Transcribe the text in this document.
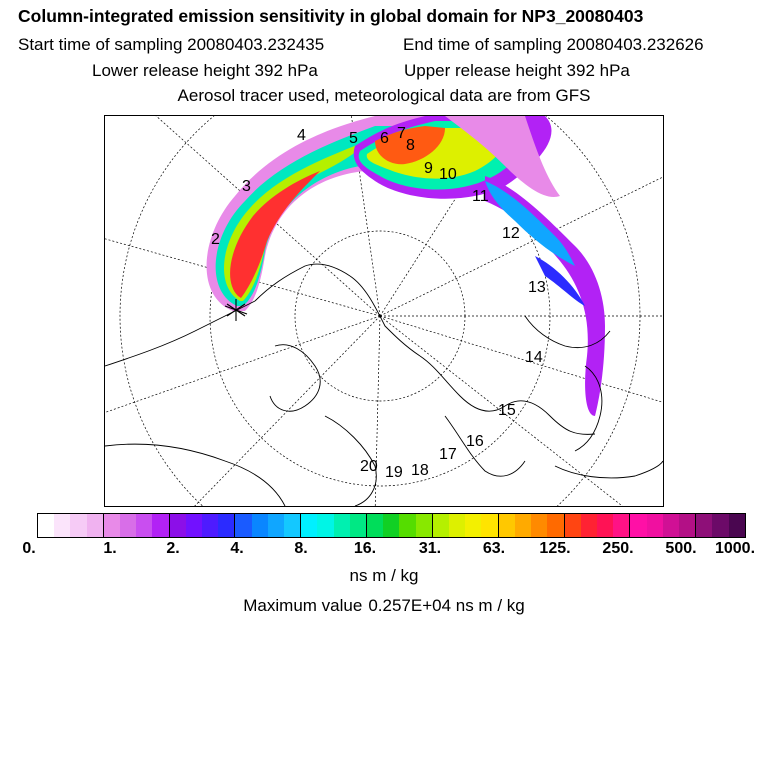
Column-integrated emission sensitivity in global domain for NP3_20080403
Start time of sampling 20080403.232435	End time of sampling 20080403.232626
Lower release height 392 hPa	Upper release height 392 hPa
Aerosol tracer used, meteorological data are from GFS
2
3
4	5 6 7
8
9 10
11
12
13
14
15
16
17
18
19
20
0.	1.	2.	4.	8.	16.	31.	63. 125. 250. 500. 1000.
ns m / kg
Maximum value 0.257E+04 ns m / kg
